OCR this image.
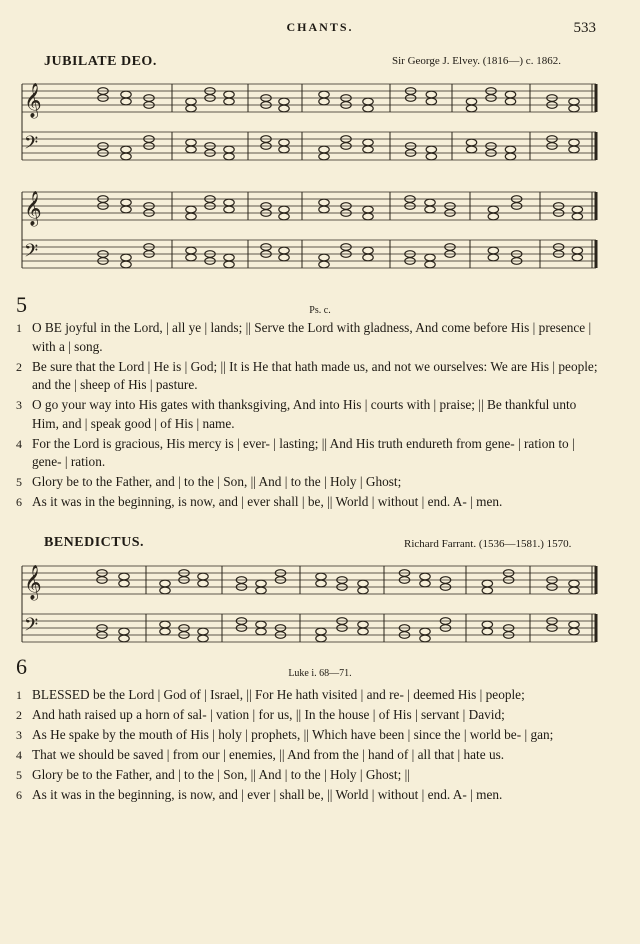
CHANTS.	533
JUBILATE DEO.	Sir George J. Elvey. (1816—) c. 1862.
𝄞
𝄢
𝄞
𝄢
5	Ps. c.
1 O BE joyful in the Lord, | all ye | lands; || Serve the Lord with gladness, And come before His | presence | with a | song.
2 Be sure that the Lord | He is | God; || It is He that hath made us, and not we ourselves: We are His | people; and the | sheep of His | pasture.
3 O go your way into His gates with thanksgiving, And into His | courts with | praise; || Be thankful unto Him, and | speak good | of His | name.
4 For the Lord is gracious, His mercy is | ever- | lasting; || And His truth endureth from gene- | ration to | gene- | ration.
5 Glory be to the Father, and | to the | Son, || And | to the | Holy | Ghost;
6 As it was in the beginning, is now, and | ever shall | be, || World | without | end. A- | men.
BENEDICTUS.	Richard Farrant. (1536—1581.) 1570.
𝄞
𝄢
6	Luke i. 68—71.
1 BLESSED be the Lord | God of | Israel, || For He hath visited | and re- | deemed His | people;
2 And hath raised up a horn of sal- | vation | for us, || In the house | of His | servant | David;
3 As He spake by the mouth of His | holy | prophets, || Which have been | since the | world be- | gan;
4 That we should be saved | from our | enemies, || And from the | hand of | all that | hate us.
5 Glory be to the Father, and | to the | Son, || And | to the | Holy | Ghost; ||
6 As it was in the beginning, is now, and | ever | shall be, || World | without | end. A- | men.
